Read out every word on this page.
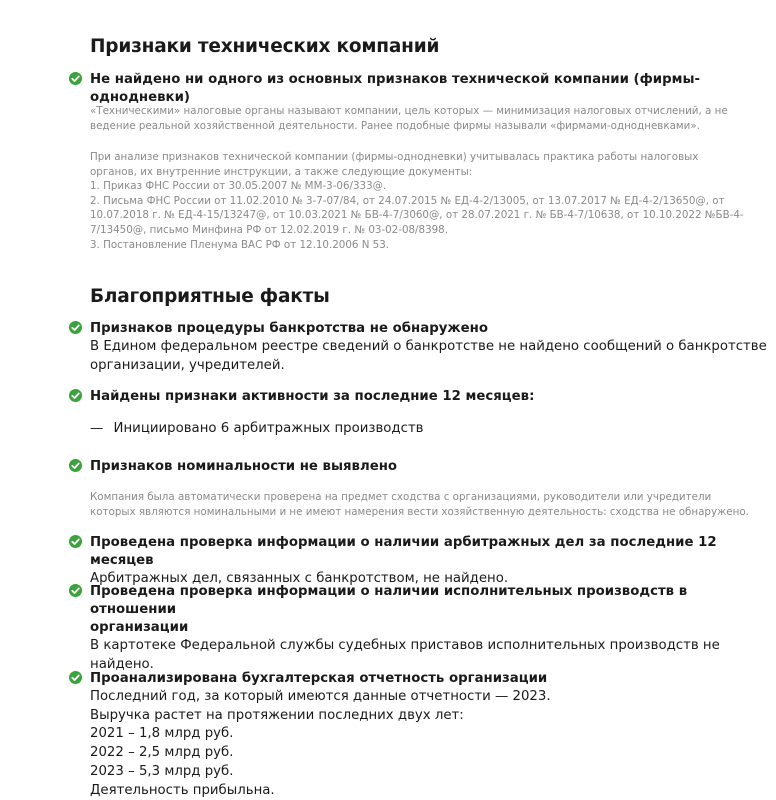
Признаки технических компаний

Не найдено ни одного из основных признаков технической компании (фирмы-однодневки)

«Техническими» налоговые органы называют компании, цель которых — минимизация налоговых отчислений, а не

ведение реальной хозяйственной деятельности. Ранее подобные фирмы называли «фирмами-однодневками».

При анализе признаков технической компании (фирмы-однодневки) учитывалась практика работы налоговых

органов, их внутренние инструкции, а также следующие документы:

1. Приказ ФНС России от 30.05.2007 № ММ-3-06/333@.

2. Письма ФНС России от 11.02.2010 № 3-7-07/84, от 24.07.2015 № ЕД-4-2/13005, от 13.07.2017 № ЕД-4-2/13650@, от

10.07.2018 г. № ЕД-4-15/13247@, от 10.03.2021 № БВ-4-7/3060@, от 28.07.2021 г. № БВ-4-7/10638, от 10.10.2022 №БВ-4-

7/13450@, письмо Минфина РФ от 12.02.2019 г. № 03-02-08/8398.

3. Постановление Пленума ВАС РФ от 12.10.2006 N 53.

Благоприятные факты

Признаков процедуры банкротства не обнаружено

В Едином федеральном реестре сведений о банкротстве не найдено сообщений о банкротстве

организации, учредителей.

Найдены признаки активности за последние 12 месяцев:

— Инициировано 6 арбитражных производств

Признаков номинальности не выявлено

Компания была автоматически проверена на предмет сходства с организациями, руководители или учредители

которых являются номинальными и не имеют намерения вести хозяйственную деятельность: сходства не обнаружено.

Проведена проверка информации о наличии арбитражных дел за последние 12 месяцев

Арбитражных дел, связанных с банкротством, не найдено.

Проведена проверка информации о наличии исполнительных производств в отношении

организации

В картотеке Федеральной службы судебных приставов исполнительных производств не

найдено.

Проанализирована бухгалтерская отчетность организации

Последний год, за который имеются данные отчетности — 2023.

Выручка растет на протяжении последних двух лет:

2021 – 1,8 млрд руб.

2022 – 2,5 млрд руб.

2023 – 5,3 млрд руб.

Деятельность прибыльна.
